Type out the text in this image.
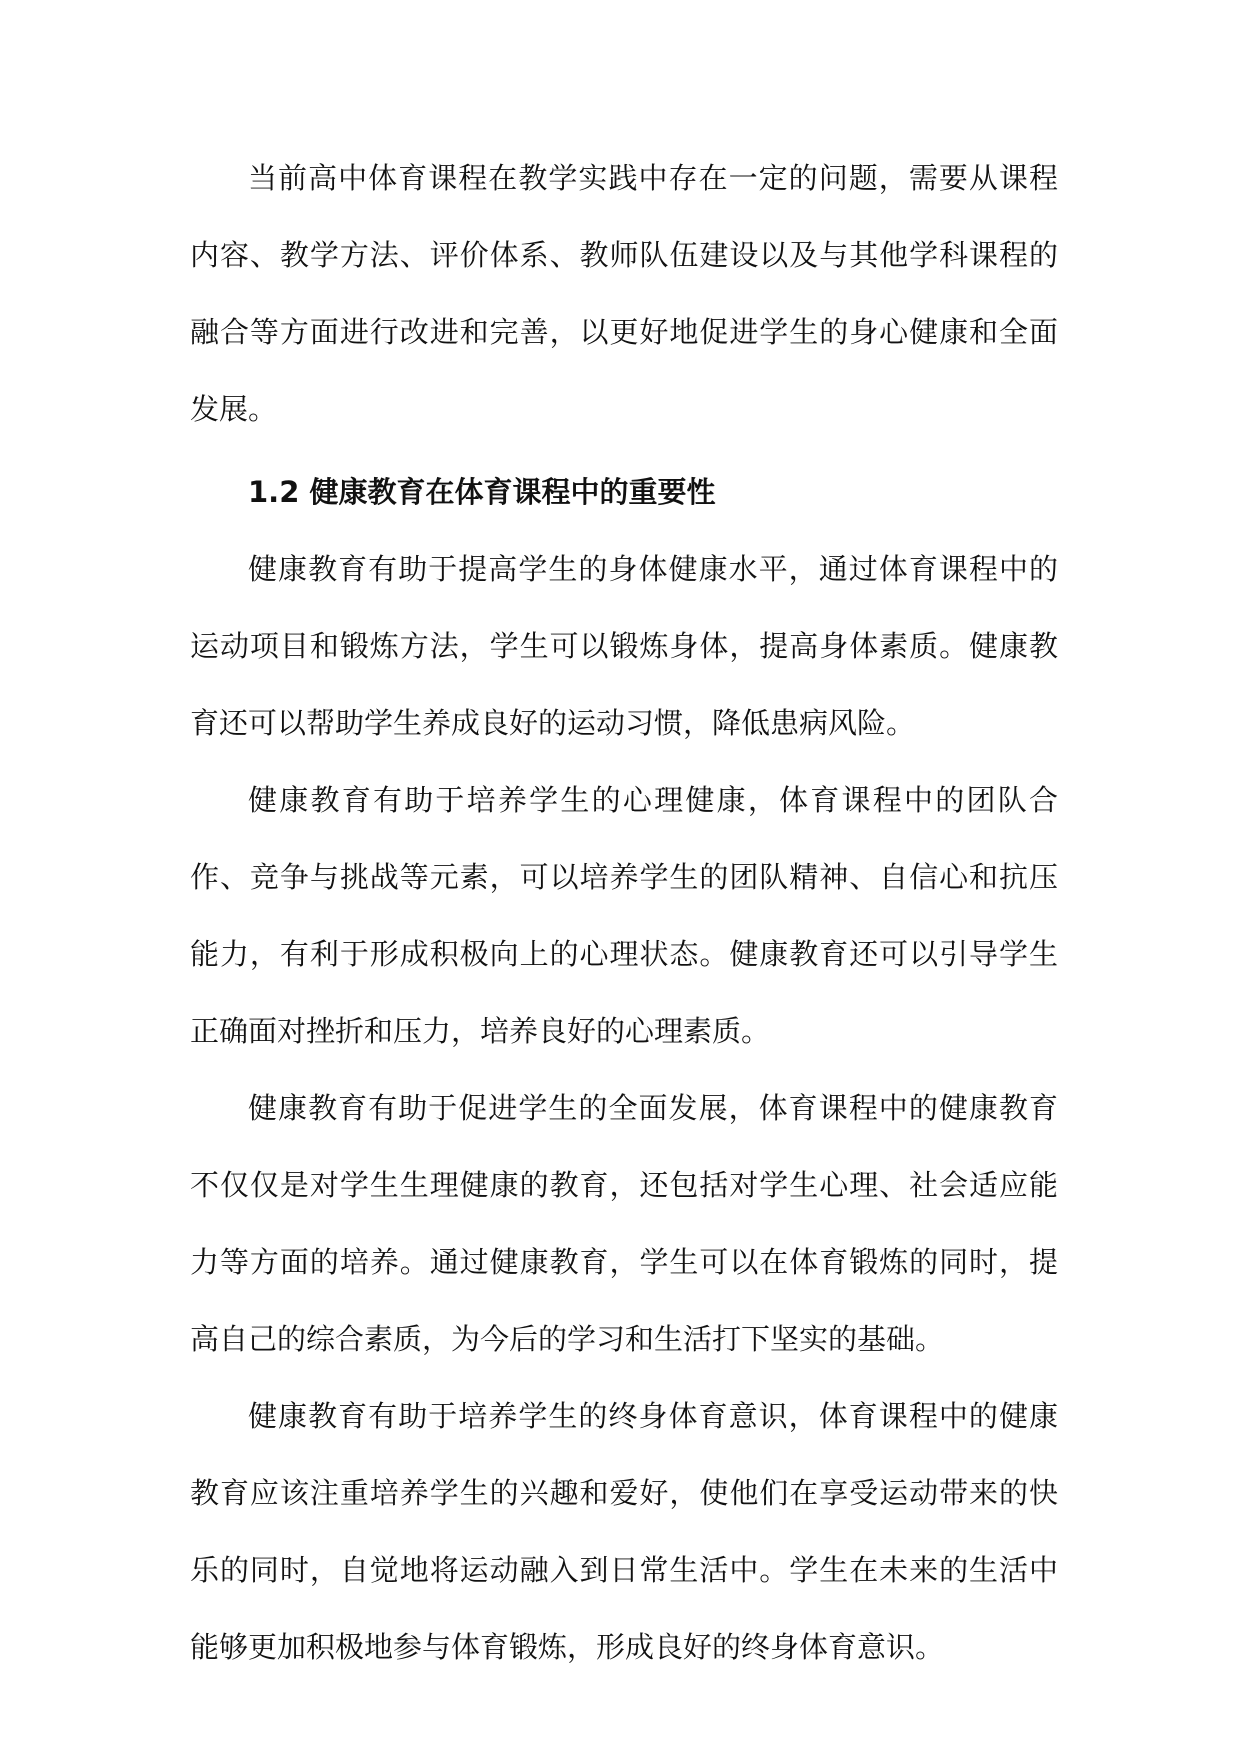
当前高中体育课程在教学实践中存在一定的问题，需要从课程内容、教学方法、评价体系、教师队伍建设以及与其他学科课程的融合等方面进行改进和完善，以更好地促进学生的身心健康和全面发展。

1.2 健康教育在体育课程中的重要性

健康教育有助于提高学生的身体健康水平，通过体育课程中的运动项目和锻炼方法，学生可以锻炼身体，提高身体素质。健康教育还可以帮助学生养成良好的运动习惯，降低患病风险。

健康教育有助于培养学生的心理健康，体育课程中的团队合作、竞争与挑战等元素，可以培养学生的团队精神、自信心和抗压能力，有利于形成积极向上的心理状态。健康教育还可以引导学生正确面对挫折和压力，培养良好的心理素质。

健康教育有助于促进学生的全面发展，体育课程中的健康教育不仅仅是对学生生理健康的教育，还包括对学生心理、社会适应能力等方面的培养。通过健康教育，学生可以在体育锻炼的同时，提高自己的综合素质，为今后的学习和生活打下坚实的基础。

健康教育有助于培养学生的终身体育意识，体育课程中的健康教育应该注重培养学生的兴趣和爱好，使他们在享受运动带来的快乐的同时，自觉地将运动融入到日常生活中。学生在未来的生活中能够更加积极地参与体育锻炼，形成良好的终身体育意识。
